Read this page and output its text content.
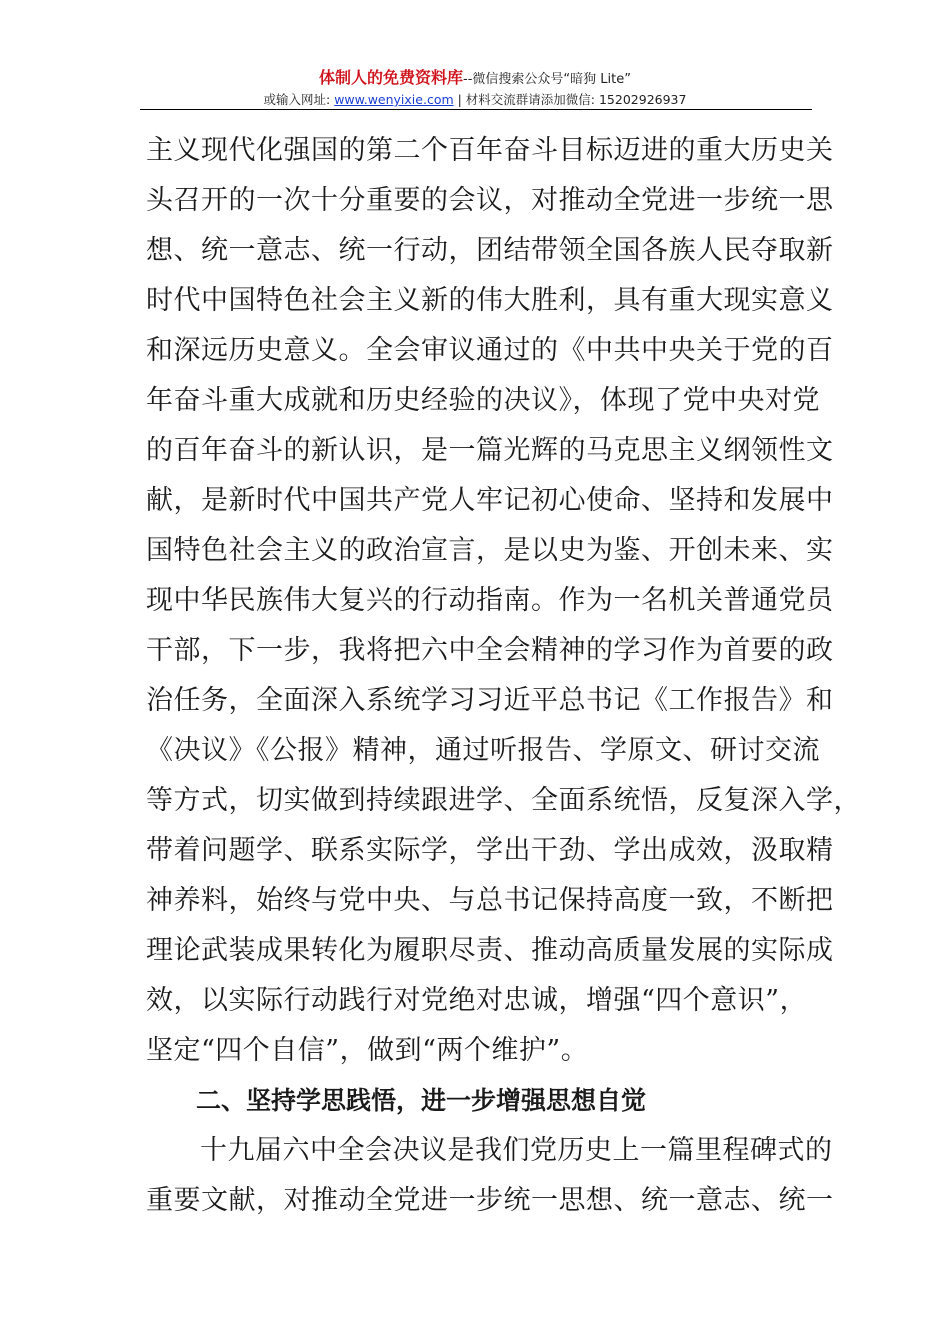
体制人的免费资料库--微信搜索公众号“暗狗 Lite”
或输入网址: www.wenyixie.com | 材料交流群请添加微信: 15202926937
主义现代化强国的第二个百年奋斗目标迈进的重大历史关
头召开的一次十分重要的会议，对推动全党进一步统一思
想、统一意志、统一行动，团结带领全国各族人民夺取新
时代中国特色社会主义新的伟大胜利，具有重大现实意义
和深远历史意义。全会审议通过的《中共中央关于党的百
年奋斗重大成就和历史经验的决议》，体现了党中央对党
的百年奋斗的新认识，是一篇光辉的马克思主义纲领性文
献，是新时代中国共产党人牢记初心使命、坚持和发展中
国特色社会主义的政治宣言，是以史为鉴、开创未来、实
现中华民族伟大复兴的行动指南。作为一名机关普通党员
干部，下一步，我将把六中全会精神的学习作为首要的政
治任务，全面深入系统学习习近平总书记《工作报告》和
《决议》《公报》精神，通过听报告、学原文、研讨交流
等方式，切实做到持续跟进学、全面系统悟，反复深入学，
带着问题学、联系实际学，学出干劲、学出成效，汲取精
神养料，始终与党中央、与总书记保持高度一致，不断把
理论武装成果转化为履职尽责、推动高质量发展的实际成
效，以实际行动践行对党绝对忠诚，增强“四个意识”，
坚定“四个自信”，做到“两个维护”。
二、坚持学思践悟，进一步增强思想自觉
十九届六中全会决议是我们党历史上一篇里程碑式的
重要文献，对推动全党进一步统一思想、统一意志、统一
